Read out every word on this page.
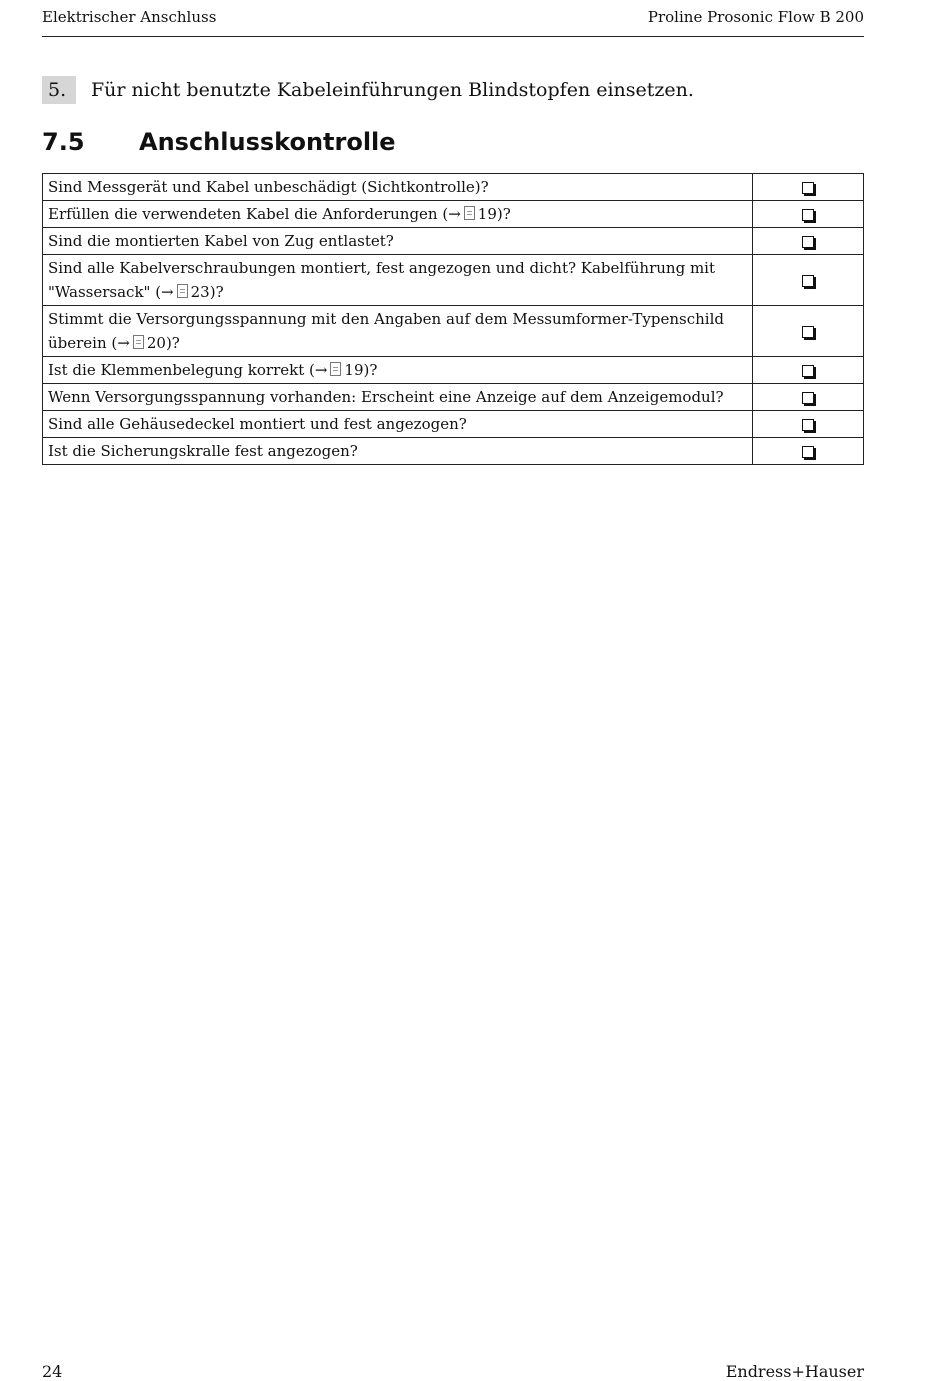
Elektrischer Anschluss	Proline Prosonic Flow B 200
5.	Für nicht benutzte Kabeleinführungen Blindstopfen einsetzen.
7.5	Anschlusskontrolle
Sind Messgerät und Kabel unbeschädigt (Sichtkontrolle)?	
Erfüllen die verwendeten Kabel die Anforderungen (→ 19)?	
Sind die montierten Kabel von Zug entlastet?	
Sind alle Kabelverschraubungen montiert, fest angezogen und dicht? Kabelführung mit "Wassersack" (→ 23)?	
Stimmt die Versorgungsspannung mit den Angaben auf dem Messumformer-Typenschild überein (→ 20)?	
Ist die Klemmenbelegung korrekt (→ 19)?	
Wenn Versorgungsspannung vorhanden: Erscheint eine Anzeige auf dem Anzeigemodul?	
Sind alle Gehäusedeckel montiert und fest angezogen?	
Ist die Sicherungskralle fest angezogen?	
24	Endress+Hauser
